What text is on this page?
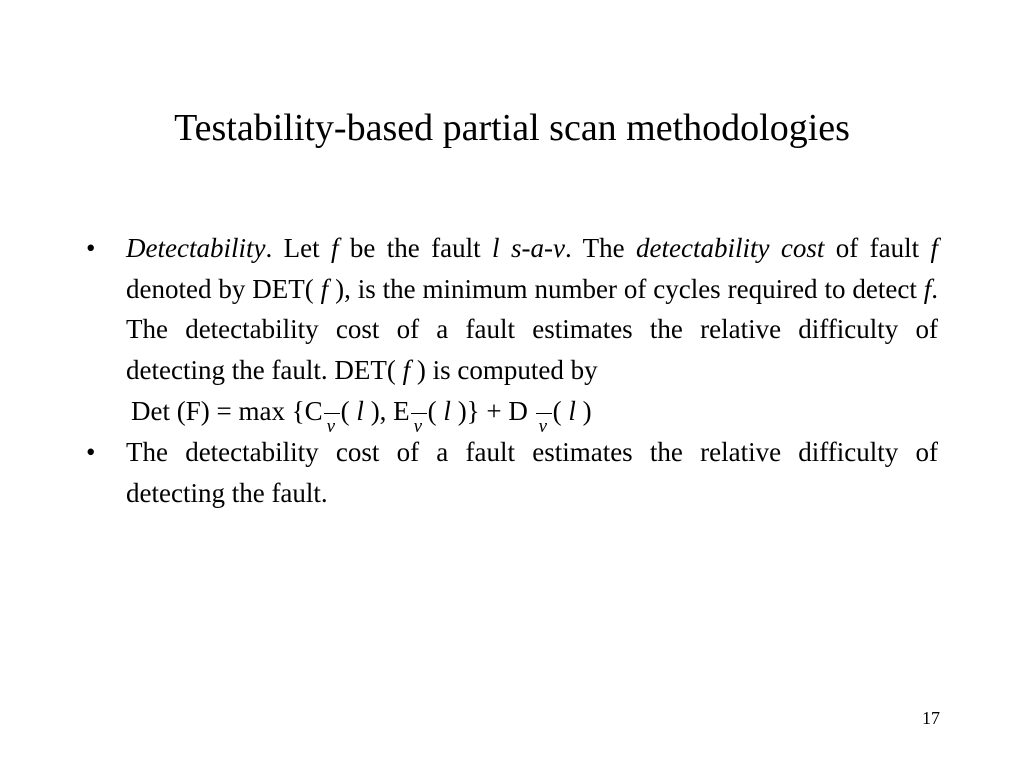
Testability-based partial scan methodologies
• Detectability. Let f be the fault l s-a-v. The detectability cost of fault f denoted by DET( f ), is the minimum number of cycles required to detect f. The detectability cost of a fault estimates the relative difficulty of detecting the fault. DET( f ) is computed by
Det (F) = max {C
v
( l ), E
v
( l )} + D
v
( l )
• The detectability cost of a fault estimates the relative difficulty of detecting the fault.
17
